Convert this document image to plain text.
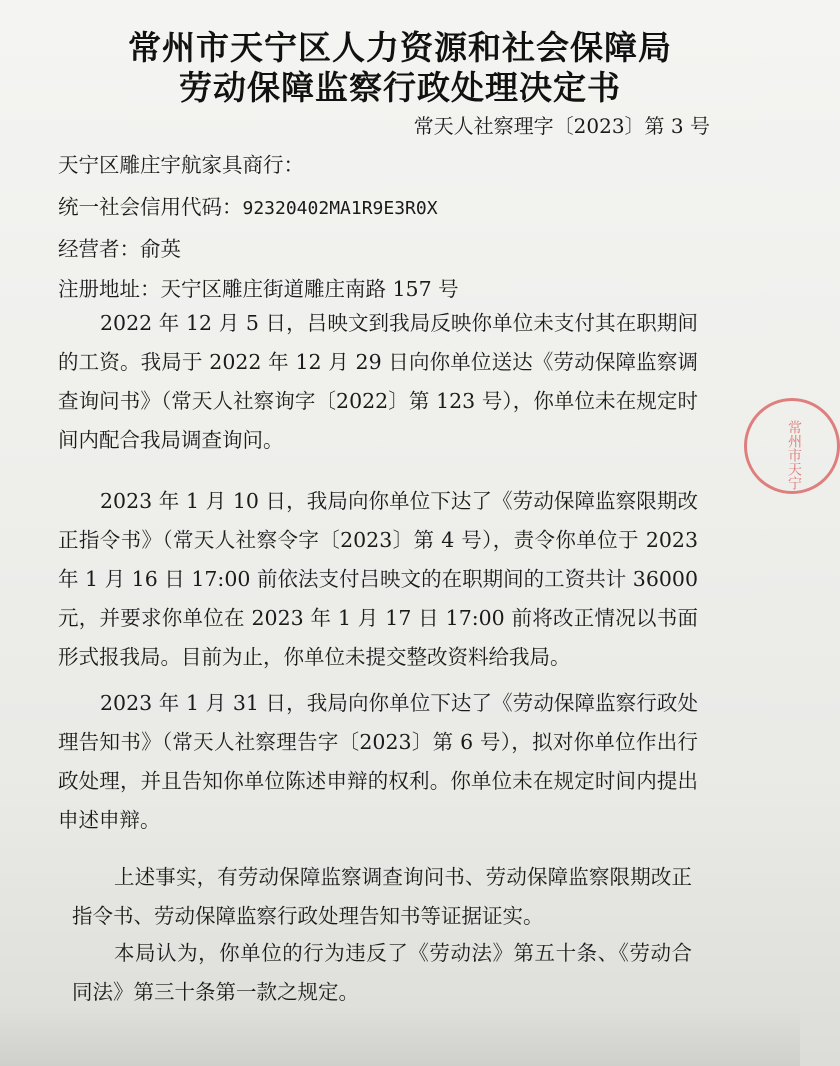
常州市天宁区人力资源和社会保障局
劳动保障监察行政处理决定书
常天人社察理字〔2023〕第 3 号
天宁区雕庄宇航家具商行：
统一社会信用代码：92320402MA1R9E3R0X
经营者：俞英
注册地址：天宁区雕庄街道雕庄南路 157 号
2022 年 12 月 5 日，吕映文到我局反映你单位未支付其在职期间的工资。我局于 2022 年 12 月 29 日向你单位送达《劳动保障监察调查询问书》（常天人社察询字〔2022〕第 123 号），你单位未在规定时间内配合我局调查询问。
2023 年 1 月 10 日，我局向你单位下达了《劳动保障监察限期改正指令书》（常天人社察令字〔2023〕第 4 号），责令你单位于 2023 年 1 月 16 日 17:00 前依法支付吕映文的在职期间的工资共计 36000 元，并要求你单位在 2023 年 1 月 17 日 17:00 前将改正情况以书面形式报我局。目前为止，你单位未提交整改资料给我局。
2023 年 1 月 31 日，我局向你单位下达了《劳动保障监察行政处理告知书》（常天人社察理告字〔2023〕第 6 号），拟对你单位作出行政处理，并且告知你单位陈述申辩的权利。你单位未在规定时间内提出申述申辩。
上述事实，有劳动保障监察调查询问书、劳动保障监察限期改正指令书、劳动保障监察行政处理告知书等证据证实。
本局认为，你单位的行为违反了《劳动法》第五十条、《劳动合同法》第三十条第一款之规定。
常州市天宁
